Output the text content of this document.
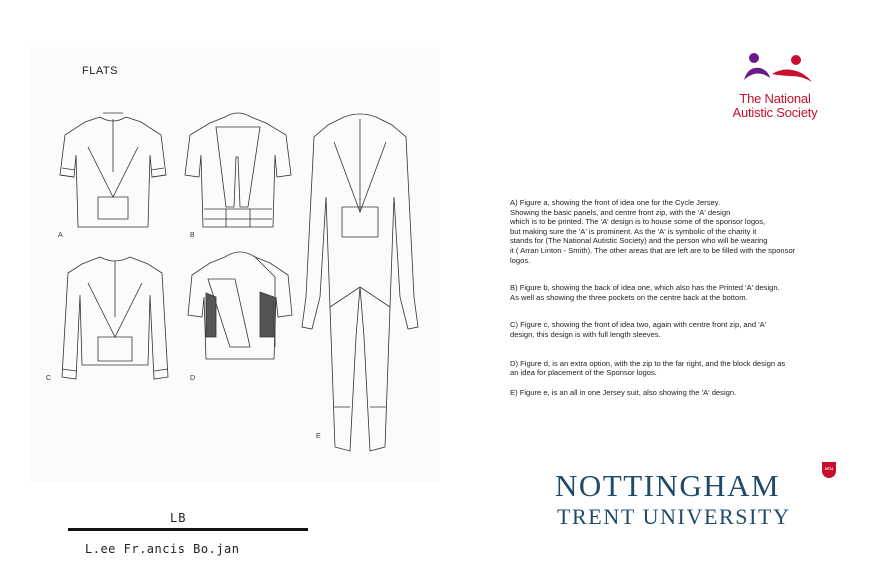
FLATS
A	B
C	D
E
The National
Autistic Society

A) Figure a, showing the front of idea one for the Cycle Jersey.

Showing the basic panels, and centre front zip, with the 'A' design

which is to be printed. The 'A' design is to house some of the sponsor logos,

but making sure the 'A' is prominent. As the 'A' is symbolic of the charity it

stands for (The National Autistic Society) and the person who will be wearing

it ( Arran Linton - Smith). The other areas that are left are to be filled with the sponsor

logos.

B) Figure b, showing the back of idea one, which also has the Printed 'A' design.

As well as showing the three pockets on the centre back at the bottom.

C) Figure c, showing the front of idea two, again with centre front zip, and 'A'

design, this design is with full length sleeves.

D) Figure d, is an extra option, with the zip to the far right, and the block design as

an idea for placement of the Sponsor logos.

E) Figure e, is an all in one Jersey suit, also showing the 'A' design.

NOTTINGHAM	NTU
TRENT UNIVERSITY
LB
L.ee Fr.ancis Bo.jan
